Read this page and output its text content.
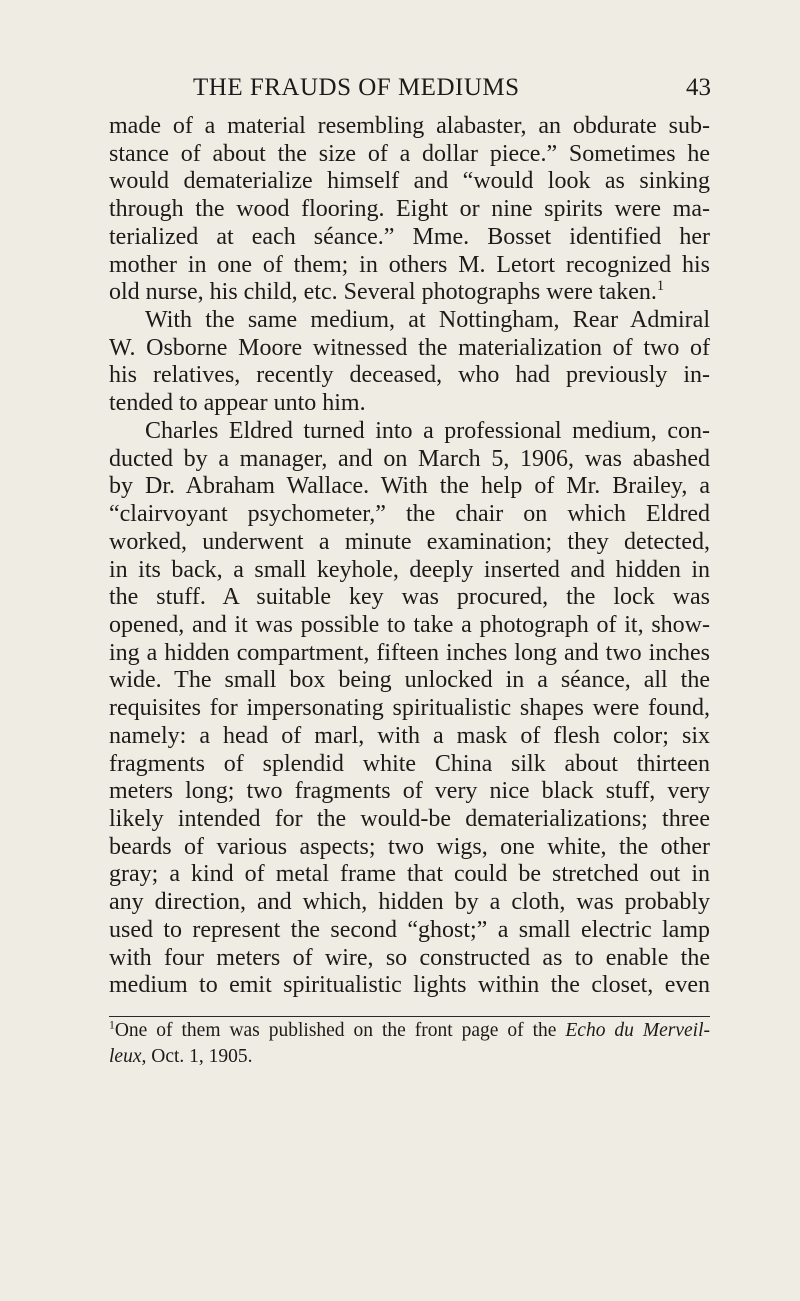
THE FRAUDS OF MEDIUMS	43
made of a material resembling alabaster, an obdurate sub-
stance of about the size of a dollar piece.” Sometimes he
would dematerialize himself and “would look as sinking
through the wood flooring. Eight or nine spirits were ma-
terialized at each séance.” Mme. Bosset identified her
mother in one of them; in others M. Letort recognized his
old nurse, his child, etc. Several photographs were taken.$^1$
With the same medium, at Nottingham, Rear Admiral
W. Osborne Moore witnessed the materialization of two of
his relatives, recently deceased, who had previously in-
tended to appear unto him.
Charles Eldred turned into a professional medium, con-
ducted by a manager, and on March 5, 1906, was abashed
by Dr. Abraham Wallace. With the help of Mr. Brailey, a
“clairvoyant psychometer,” the chair on which Eldred
worked, underwent a minute examination; they detected,
in its back, a small keyhole, deeply inserted and hidden in
the stuff. A suitable key was procured, the lock was
opened, and it was possible to take a photograph of it, show-
ing a hidden compartment, fifteen inches long and two inches
wide. The small box being unlocked in a séance, all the
requisites for impersonating spiritualistic shapes were found,
namely: a head of marl, with a mask of flesh color; six
fragments of splendid white China silk about thirteen
meters long; two fragments of very nice black stuff, very
likely intended for the would-be dematerializations; three
beards of various aspects; two wigs, one white, the other
gray; a kind of metal frame that could be stretched out in
any direction, and which, hidden by a cloth, was probably
used to represent the second “ghost;” a small electric lamp
with four meters of wire, so constructed as to enable the
medium to emit spiritualistic lights within the closet, even
$^1$One of them was published on the front page of the Echo du Merveil-
leux, Oct. 1, 1905.
